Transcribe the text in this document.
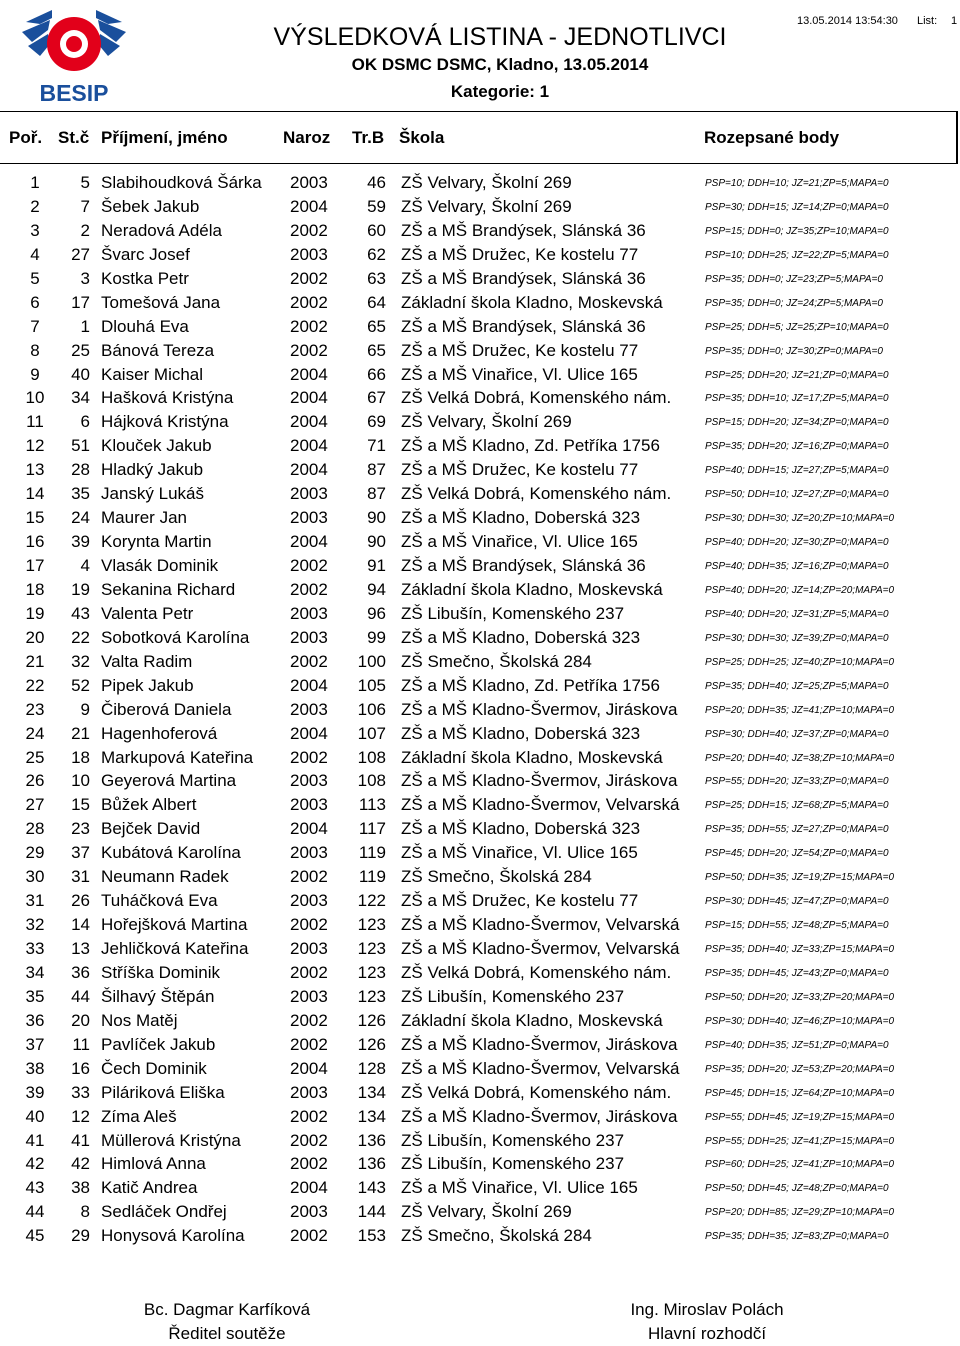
BESIP
VÝSLEDKOVÁ LISTINA - JEDNOTLIVCI
OK DSMC DSMC, Kladno, 13.05.2014
Kategorie: 1
13.05.2014 13:54:30 List: 1
Poř. St.č Příjmení, jméno	Naroz Tr.B Škola	Rozepsané body
1	5 Slabihoudková Šárka 2003	46 ZŠ Velvary, Školní 269	PSP=10; DDH=10; JZ=21;ZP=5;MAPA=0
2	7 Šebek Jakub	2004	59 ZŠ Velvary, Školní 269	PSP=30; DDH=15; JZ=14;ZP=0;MAPA=0
3	2 Neradová Adéla	2002	60 ZŠ a MŠ Brandýsek, Slánská 36	PSP=15; DDH=0; JZ=35;ZP=10;MAPA=0
4	27 Švarc Josef	2003	62 ZŠ a MŠ Družec, Ke kostelu 77	PSP=10; DDH=25; JZ=22;ZP=5;MAPA=0
5	3 Kostka Petr	2002	63 ZŠ a MŠ Brandýsek, Slánská 36	PSP=35; DDH=0; JZ=23;ZP=5;MAPA=0
6	17 Tomešová Jana	2002	64 Základní škola Kladno, Moskevská	PSP=35; DDH=0; JZ=24;ZP=5;MAPA=0
7	1 Dlouhá Eva	2002	65 ZŠ a MŠ Brandýsek, Slánská 36	PSP=25; DDH=5; JZ=25;ZP=10;MAPA=0
8	25 Bánová Tereza	2002	65 ZŠ a MŠ Družec, Ke kostelu 77	PSP=35; DDH=0; JZ=30;ZP=0;MAPA=0
9	40 Kaiser Michal	2004	66 ZŠ a MŠ Vinařice, Vl. Ulice 165	PSP=25; DDH=20; JZ=21;ZP=0;MAPA=0
10	34 Hašková Kristýna	2004	67 ZŠ Velká Dobrá, Komenského nám.	PSP=35; DDH=10; JZ=17;ZP=5;MAPA=0
11	6 Hájková Kristýna	2004	69 ZŠ Velvary, Školní 269	PSP=15; DDH=20; JZ=34;ZP=0;MAPA=0
12	51 Klouček Jakub	2004	71 ZŠ a MŠ Kladno, Zd. Petříka 1756	PSP=35; DDH=20; JZ=16;ZP=0;MAPA=0
13	28 Hladký Jakub	2004	87 ZŠ a MŠ Družec, Ke kostelu 77	PSP=40; DDH=15; JZ=27;ZP=5;MAPA=0
14	35 Janský Lukáš	2003	87 ZŠ Velká Dobrá, Komenského nám.	PSP=50; DDH=10; JZ=27;ZP=0;MAPA=0
15	24 Maurer Jan	2003	90 ZŠ a MŠ Kladno, Doberská 323	PSP=30; DDH=30; JZ=20;ZP=10;MAPA=0
16	39 Korynta Martin	2004	90 ZŠ a MŠ Vinařice, Vl. Ulice 165	PSP=40; DDH=20; JZ=30;ZP=0;MAPA=0
17	4 Vlasák Dominik	2002	91 ZŠ a MŠ Brandýsek, Slánská 36	PSP=40; DDH=35; JZ=16;ZP=0;MAPA=0
18	19 Sekanina Richard	2002	94 Základní škola Kladno, Moskevská	PSP=40; DDH=20; JZ=14;ZP=20;MAPA=0
19	43 Valenta Petr	2003	96 ZŠ Libušín, Komenského 237	PSP=40; DDH=20; JZ=31;ZP=5;MAPA=0
20	22 Sobotková Karolína 2003	99 ZŠ a MŠ Kladno, Doberská 323	PSP=30; DDH=30; JZ=39;ZP=0;MAPA=0
21	32 Valta Radim	2002 100 ZŠ Smečno, Školská 284	PSP=25; DDH=25; JZ=40;ZP=10;MAPA=0
22	52 Pipek Jakub	2004 105 ZŠ a MŠ Kladno, Zd. Petříka 1756	PSP=35; DDH=40; JZ=25;ZP=5;MAPA=0
23	9 Čiberová Daniela	2003 106 ZŠ a MŠ Kladno-Švermov, Jiráskova	PSP=20; DDH=35; JZ=41;ZP=10;MAPA=0
24	21 Hagenhoferová	2004 107 ZŠ a MŠ Kladno, Doberská 323	PSP=30; DDH=40; JZ=37;ZP=0;MAPA=0
25	18 Markupová Kateřina 2002 108 Základní škola Kladno, Moskevská	PSP=20; DDH=40; JZ=38;ZP=10;MAPA=0
26	10 Geyerová Martina	2003 108 ZŠ a MŠ Kladno-Švermov, Jiráskova	PSP=55; DDH=20; JZ=33;ZP=0;MAPA=0
27	15 Bůžek Albert	2003	113 ZŠ a MŠ Kladno-Švermov, Velvarská	PSP=25; DDH=15; JZ=68;ZP=5;MAPA=0
28	23 Bejček David	2004	117 ZŠ a MŠ Kladno, Doberská 323	PSP=35; DDH=55; JZ=27;ZP=0;MAPA=0
29	37 Kubátová Karolína	2003	119 ZŠ a MŠ Vinařice, Vl. Ulice 165	PSP=45; DDH=20; JZ=54;ZP=0;MAPA=0
30	31 Neumann Radek	2002	119 ZŠ Smečno, Školská 284	PSP=50; DDH=35; JZ=19;ZP=15;MAPA=0
31	26 Tuháčková Eva	2003 122 ZŠ a MŠ Družec, Ke kostelu 77	PSP=30; DDH=45; JZ=47;ZP=0;MAPA=0
32	14 Hořejšková Martina	2002 123 ZŠ a MŠ Kladno-Švermov, Velvarská	PSP=15; DDH=55; JZ=48;ZP=5;MAPA=0
33	13 Jehličková Kateřina 2003 123 ZŠ a MŠ Kladno-Švermov, Velvarská	PSP=35; DDH=40; JZ=33;ZP=15;MAPA=0
34	36 Stříška Dominik	2002 123 ZŠ Velká Dobrá, Komenského nám.	PSP=35; DDH=45; JZ=43;ZP=0;MAPA=0
35	44 Šilhavý Štěpán	2003 123 ZŠ Libušín, Komenského 237	PSP=50; DDH=20; JZ=33;ZP=20;MAPA=0
36	20 Nos Matěj	2002 126 Základní škola Kladno, Moskevská	PSP=30; DDH=40; JZ=46;ZP=10;MAPA=0
37	11 Pavlíček Jakub	2002 126 ZŠ a MŠ Kladno-Švermov, Jiráskova	PSP=40; DDH=35; JZ=51;ZP=0;MAPA=0
38	16 Čech Dominik	2004 128 ZŠ a MŠ Kladno-Švermov, Velvarská	PSP=35; DDH=20; JZ=53;ZP=20;MAPA=0
39	33 Piláriková Eliška	2003 134 ZŠ Velká Dobrá, Komenského nám.	PSP=45; DDH=15; JZ=64;ZP=10;MAPA=0
40	12 Zíma Aleš	2002 134 ZŠ a MŠ Kladno-Švermov, Jiráskova	PSP=55; DDH=45; JZ=19;ZP=15;MAPA=0
41	41 Müllerová Kristýna	2002 136 ZŠ Libušín, Komenského 237	PSP=55; DDH=25; JZ=41;ZP=15;MAPA=0
42	42 Himlová Anna	2002 136 ZŠ Libušín, Komenského 237	PSP=60; DDH=25; JZ=41;ZP=10;MAPA=0
43	38 Katič Andrea	2004 143 ZŠ a MŠ Vinařice, Vl. Ulice 165	PSP=50; DDH=45; JZ=48;ZP=0;MAPA=0
44	8 Sedláček Ondřej	2003 144 ZŠ Velvary, Školní 269	PSP=20; DDH=85; JZ=29;ZP=10;MAPA=0
45	29 Honysová Karolína	2002 153 ZŠ Smečno, Školská 284	PSP=35; DDH=35; JZ=83;ZP=0;MAPA=0
Bc. Dagmar Karfíková
Ředitel soutěže
Ing. Miroslav Polách
Hlavní rozhodčí
